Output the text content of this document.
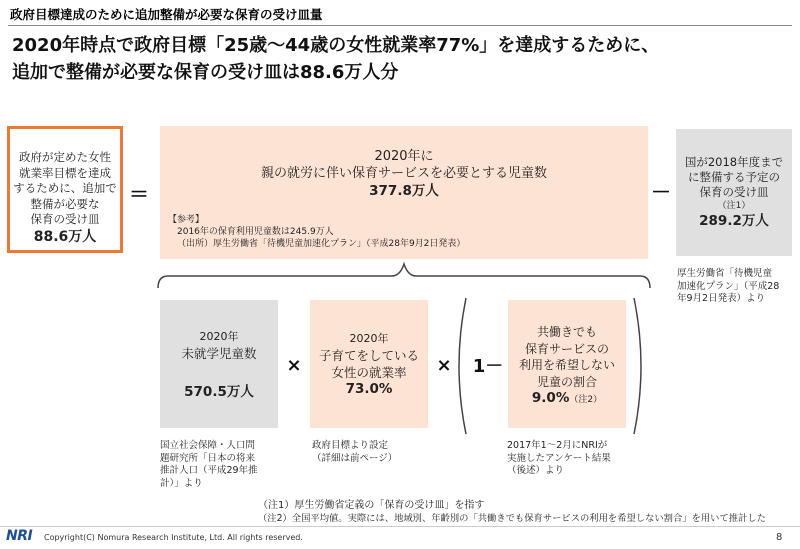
政府目標達成のために追加整備が必要な保育の受け皿量
2020年時点で政府目標「25歳～44歳の女性就業率77%」を達成するために、
追加で整備が必要な保育の受け皿は88.6万人分
政府が定めた女性
就業率目標を達成
するために、追加で
整備が必要な
保育の受け皿
88.6万人
＝
2020年に
親の就労に伴い保育サービスを必要とする児童数
377.8万人
【参考】
2016年の保育利用児童数は245.9万人
（出所）厚生労働省「待機児童加速化プラン」（平成28年9月2日発表）
－
国が2018年度まで
に整備する予定の
保育の受け皿
（注1）
289.2万人
厚生労働省「待機児童
加速化プラン」（平成28
年9月2日発表）より
2020年
未就学児童数
570.5万人
国立社会保障・人口問
題研究所「日本の将来
推計人口（平成29年推
計）」より
×
2020年
子育てをしている
女性の就業率
73.0%
政府目標より設定
（詳細は前ページ）
× 1－
共働きでも
保育サービスの
利用を希望しない
児童の割合
9.0%（注2）
2017年1～2月にNRIが
実施したアンケート結果
（後述）より
（注1）厚生労働省定義の「保育の受け皿」を指す
（注2）全国平均値。実際には、地域別、年齢別の「共働きでも保育サービスの利用を希望しない割合」を用いて推計した
NRI Copyright(C) Nomura Research Institute, Ltd. All rights reserved.	8
